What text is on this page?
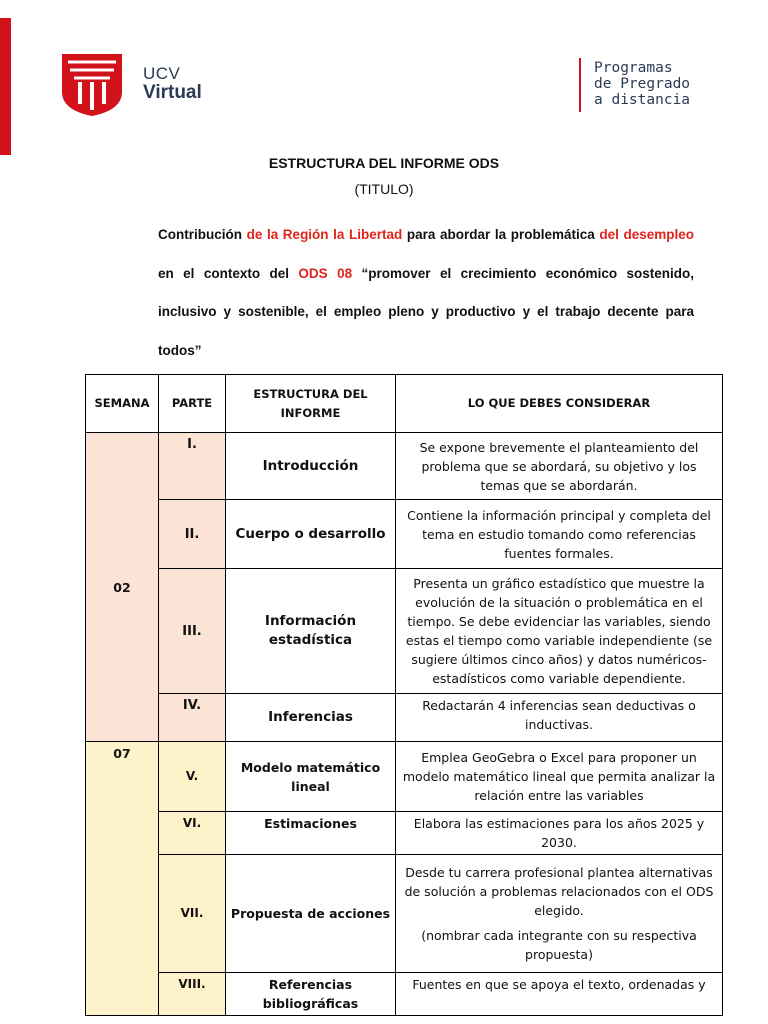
UCV
Virtual
Programas
de Pregrado
a distancia
ESTRUCTURA DEL INFORME ODS
(TITULO)
Contribución de la Región la Libertad para abordar la problemática del desempleo en el contexto del ODS 08 “promover el crecimiento económico sostenido, inclusivo y sostenible, el empleo pleno y productivo y el trabajo decente para todos”
SEMANA	PARTE	ESTRUCTURA DEL INFORME	LO QUE DEBES CONSIDERAR
02	I.	Introducción	Se expone brevemente el planteamiento del problema que se abordará, su objetivo y los temas que se abordarán.
	II.	Cuerpo o desarrollo	Contiene la información principal y completa del tema en estudio tomando como referencias fuentes formales.
	III.	Información estadística	Presenta un gráfico estadístico que muestre la evolución de la situación o problemática en el tiempo. Se debe evidenciar las variables, siendo estas el tiempo como variable independiente (se sugiere últimos cinco años) y datos numéricos-estadísticos como variable dependiente.
	IV.	Inferencias	Redactarán 4 inferencias sean deductivas o inductivas.
07	V.	Modelo matemático lineal	Emplea GeoGebra o Excel para proponer un modelo matemático lineal que permita analizar la relación entre las variables
	VI.	Estimaciones	Elabora las estimaciones para los años 2025 y 2030.
	VII.	Propuesta de acciones	Desde tu carrera profesional plantea alternativas de solución a problemas relacionados con el ODS elegido.
(nombrar cada integrante con su respectiva propuesta)

	VIII.	Referencias bibliográficas	Fuentes en que se apoya el texto, ordenadas y
